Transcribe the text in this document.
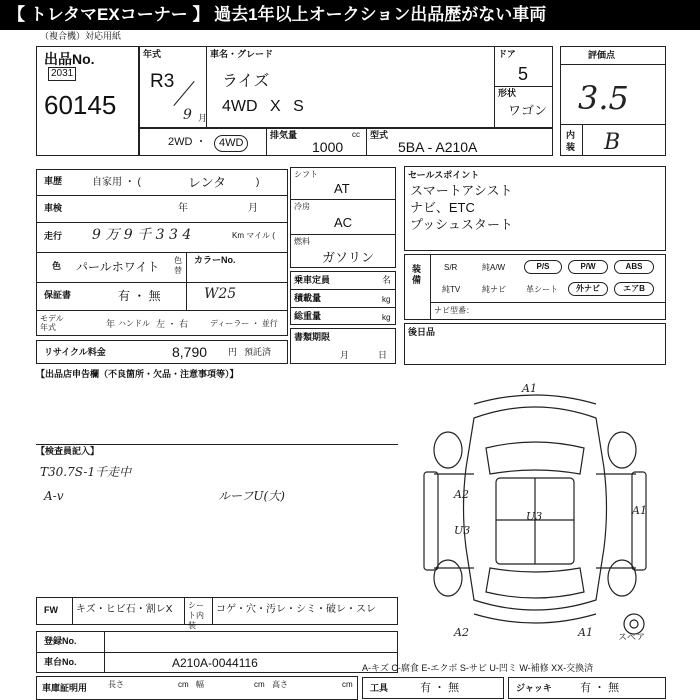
【 トレタマEXコーナー 】 過去1年以上オークション出品歴がない車両
（複合機）対応用紙
出品No.
2031
60145
年式
R3
9 月
車名・グレード
ライズ
4WD X S
ドア
5
形状
ワゴン
評価点
3.5
内装 B
2WD ・	4WD
排気量	cc
1000
型式
5BA - A210A
車歴	自家用 ・ (	レンタ	)
車検	年	月
走行 9 万 9 千 3 3 4	Km マイル (
色 パールホワイト 色替
カラーNo.
W25
保証書	有 ・ 無
モデル年式	年 ハンドル 左 ・ 右	ディーラー ・ 並行
リサイクル料金	8,790 円 預託済
シフト
AT
冷房
AC
燃料
ガソリン
乗車定員	名
積載量	kg
総重量	kg
書類期限
月	日
セールスポイント
スマートアシスト
ナビ、ETC
プッシュスタート
装備
S/R	純A/W	P/S	P/W	ABS
純TV	純ナビ	革シート	外ナビ	エアB
ナビ型番：
後日品
【出品店申告欄（不良箇所・欠品・注意事項等）】
【検査員記入】
T30.7S-1千走中
A-v	ルーフU(大)
FW キズ・ヒビ石・割レX シート内装
コゲ・穴・汚レ・シミ・破レ・スレ
A1
A2
U3
U3	A1
A2	A1	スペア
登録No.
車台No.	A210A-0044116
車庫証明用	長さ	cm 幅	cm 高さ	cm
A-キズ C-腐食 E-エクボ S-サビ U-凹ミ W-補修 XX-交換済
工具	有 ・ 無	ジャッキ	有 ・ 無
